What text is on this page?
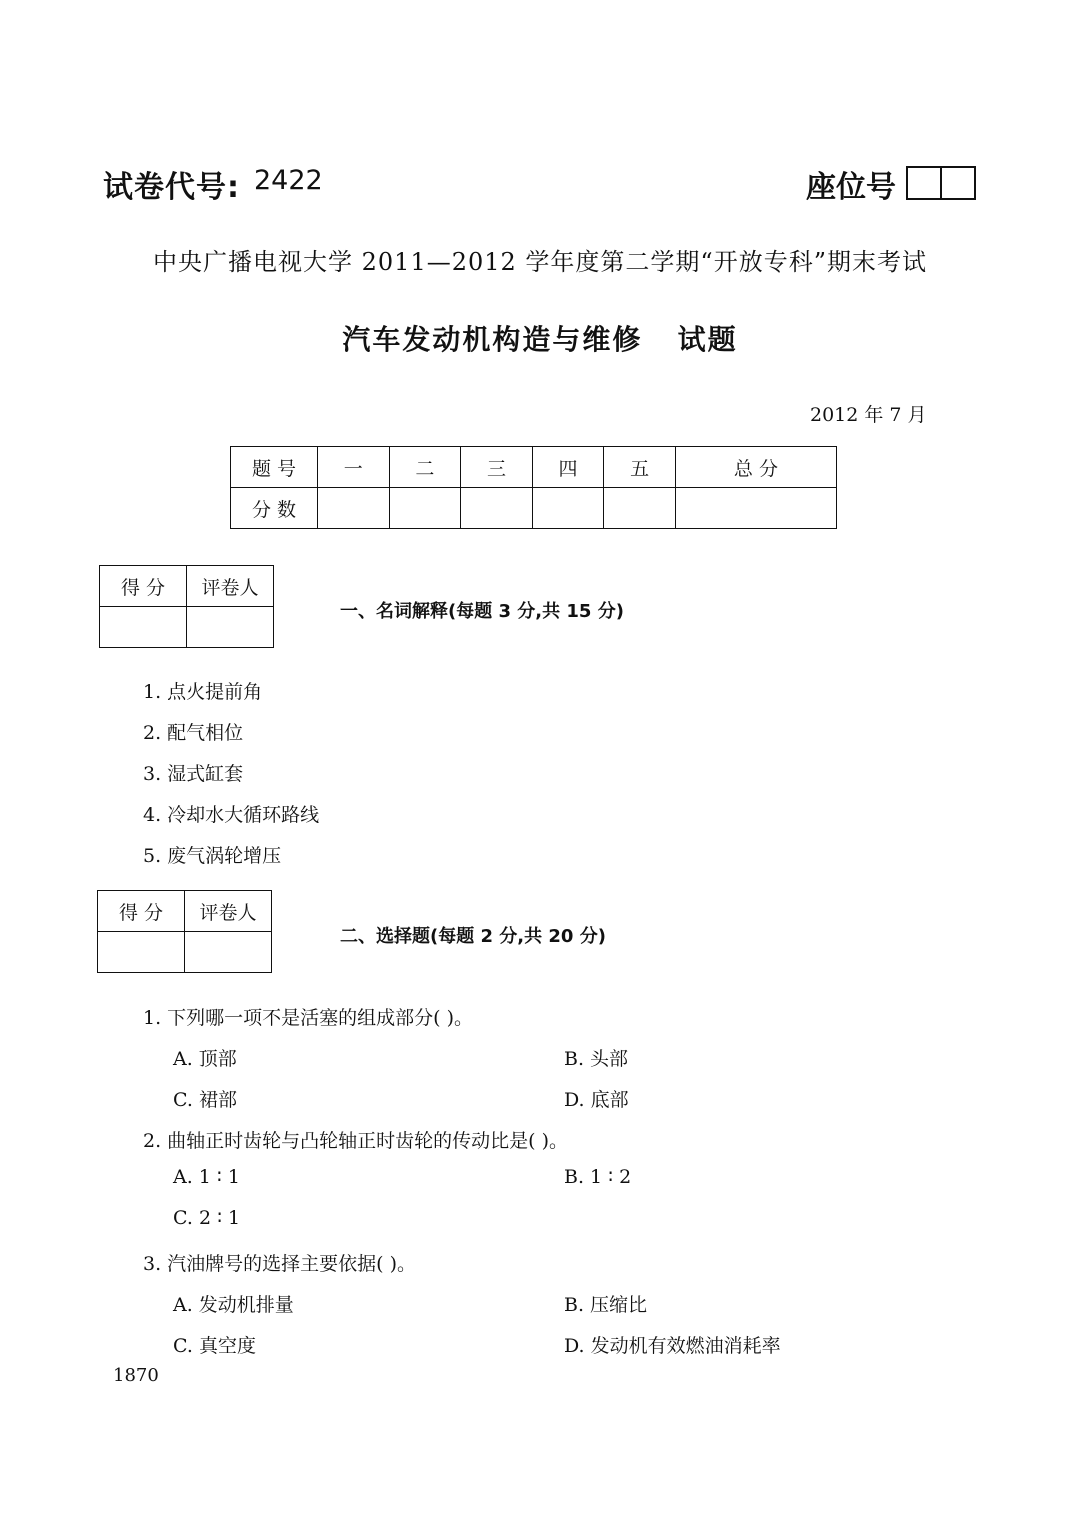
试卷代号: 2422	座位号
中央广播电视大学 2011—2012 学年度第二学期“开放专科”期末考试
汽车发动机构造与维修   试题
2012 年 7 月
题 号	一	二	三	四	五	总 分
分 数						
得 分	评卷人

一、名词解释(每题 3 分,共 15 分)
1. 点火提前角
2. 配气相位
3. 湿式缸套
4. 冷却水大循环路线
5. 废气涡轮增压
得 分	评卷人

二、选择题(每题 2 分,共 20 分)
1. 下列哪一项不是活塞的组成部分( )。
A. 顶部	B. 头部
C. 裙部	D. 底部
2. 曲轴正时齿轮与凸轮轴正时齿轮的传动比是( )。
A. 1 ∶ 1	B. 1 ∶ 2
C. 2 ∶ 1
3. 汽油牌号的选择主要依据( )。
A. 发动机排量	B. 压缩比
C. 真空度	D. 发动机有效燃油消耗率
1870
